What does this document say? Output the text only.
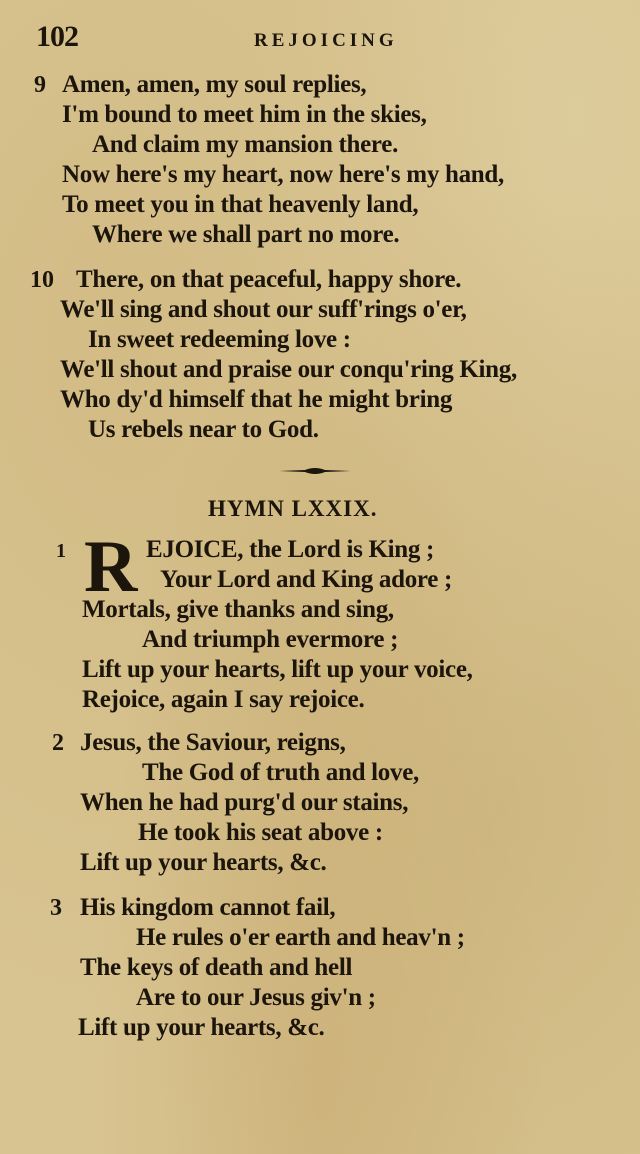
102	REJOICING
9 Amen, amen, my soul replies,
I'm bound to meet him in the skies,
And claim my mansion there.
Now here's my heart, now here's my hand,
To meet you in that heavenly land,
Where we shall part no more.
10 There, on that peaceful, happy shore.
We'll sing and shout our suff'rings o'er,
In sweet redeeming love :
We'll shout and praise our conqu'ring King,
Who dy'd himself that he might bring
Us rebels near to God.
HYMN LXXIX.
1 R EJOICE, the Lord is King ;
Your Lord and King adore ;
Mortals, give thanks and sing,
And triumph evermore ;
Lift up your hearts, lift up your voice,
Rejoice, again I say rejoice.
2 Jesus, the Saviour, reigns,
The God of truth and love,
When he had purg'd our stains,
He took his seat above :
Lift up your hearts, &c.
3 His kingdom cannot fail,
He rules o'er earth and heav'n ;
The keys of death and hell
Are to our Jesus giv'n ;
Lift up your hearts, &c.
